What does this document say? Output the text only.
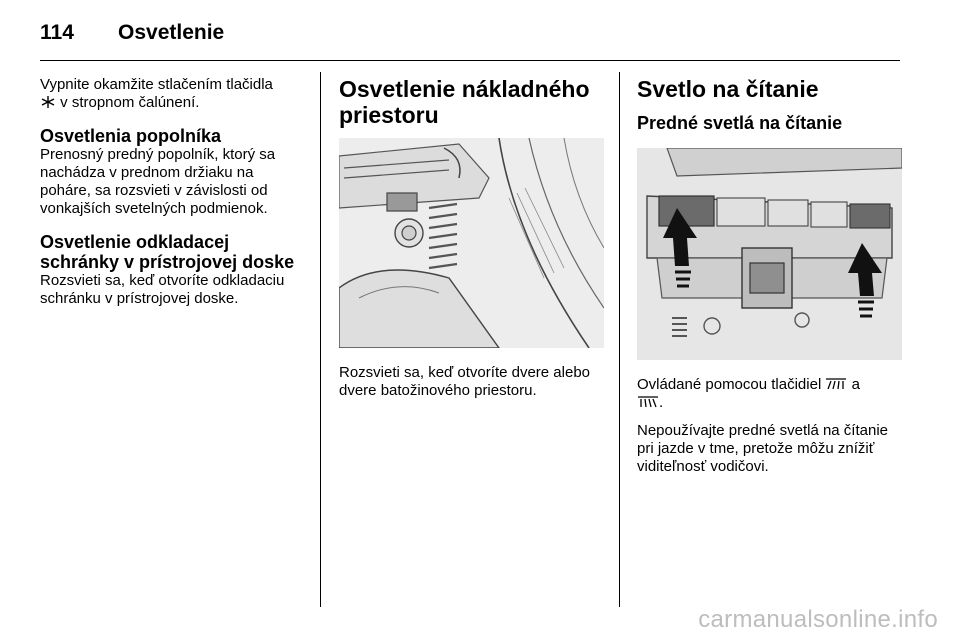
114	Osvetlenie

Vypnite okamžite stlačením tlačidla
v stropnom čalúnení.

Osvetlenia popolníka

Prenosný predný popolník, ktorý sa nachádza v prednom držiaku na poháre, sa rozsvieti v závislosti od vonkajších svetelných podmienok.

Osvetlenie odkladacej schránky v prístrojovej doske

Rozsvieti sa, keď otvoríte odkladaciu schránku v prístrojovej doske.

Osvetlenie nákladného priestoru

Rozsvieti sa, keď otvoríte dvere alebo dvere batožinového priestoru.

Svetlo na čítanie
Predné svetlá na čítanie

Ovládané pomocou tlačidiel  a
.

Nepoužívajte predné svetlá na čítanie pri jazde v tme, pretože môžu znížiť viditeľnosť vodičovi.

carmanualsonline.info
